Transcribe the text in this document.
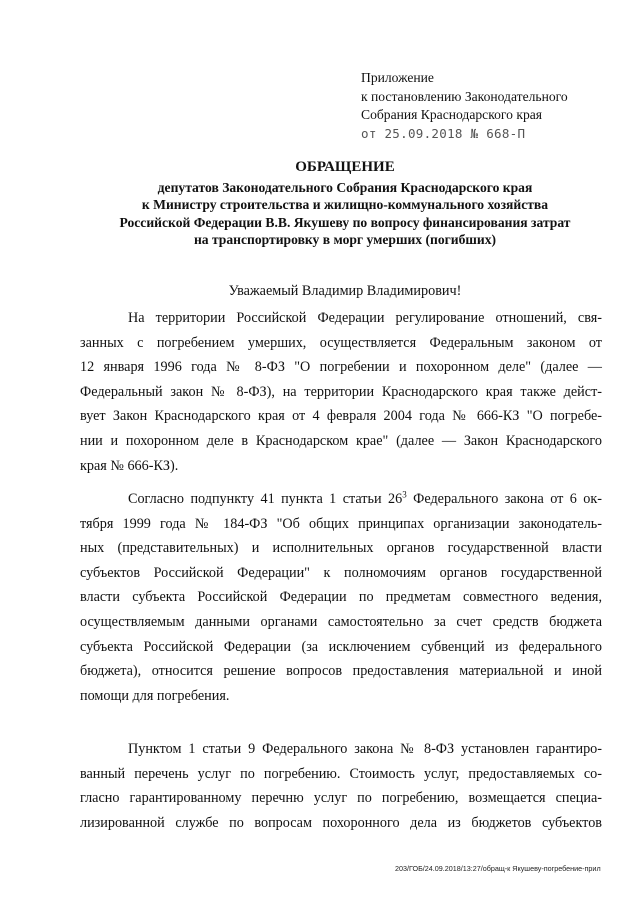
Приложение
к постановлению Законодательного
Собрания Краснодарского края
от 25.09.2018 № 668-П
ОБРАЩЕНИЕ
депутатов Законодательного Собрания Краснодарского края
к Министру строительства и жилищно-коммунального хозяйства
Российской Федерации В.В. Якушеву по вопросу финансирования затрат
на транспортировку в морг умерших (погибших)
Уважаемый Владимир Владимирович!
На территории Российской Федерации регулирование отношений, свя-
занных с погребением умерших, осуществляется Федеральным законом от
12 января 1996 года № 8-ФЗ "О погребении и похоронном деле" (далее —
Федеральный закон № 8-ФЗ), на территории Краснодарского края также дейст-
вует Закон Краснодарского края от 4 февраля 2004 года № 666-КЗ "О погребе-
нии и похоронном деле в Краснодарском крае" (далее — Закон Краснодарского
края № 666-КЗ).
Согласно подпункту 41 пункта 1 статьи $26^3$ Федерального закона от 6 ок-
тября 1999 года № 184-ФЗ "Об общих принципах организации законодатель-
ных (представительных) и исполнительных органов государственной власти
субъектов Российской Федерации" к полномочиям органов государственной
власти субъекта Российской Федерации по предметам совместного ведения,
осуществляемым данными органами самостоятельно за счет средств бюджета
субъекта Российской Федерации (за исключением субвенций из федерального
бюджета), относится решение вопросов предоставления материальной и иной
помощи для погребения.
Пунктом 1 статьи 9 Федерального закона № 8-ФЗ установлен гарантиро-
ванный перечень услуг по погребению. Стоимость услуг, предоставляемых со-
гласно гарантированному перечню услуг по погребению, возмещается специа-
лизированной службе по вопросам похоронного дела из бюджетов субъектов
203/ГОБ/24.09.2018/13:27/обращ-к Якушеву-погребение-прил
